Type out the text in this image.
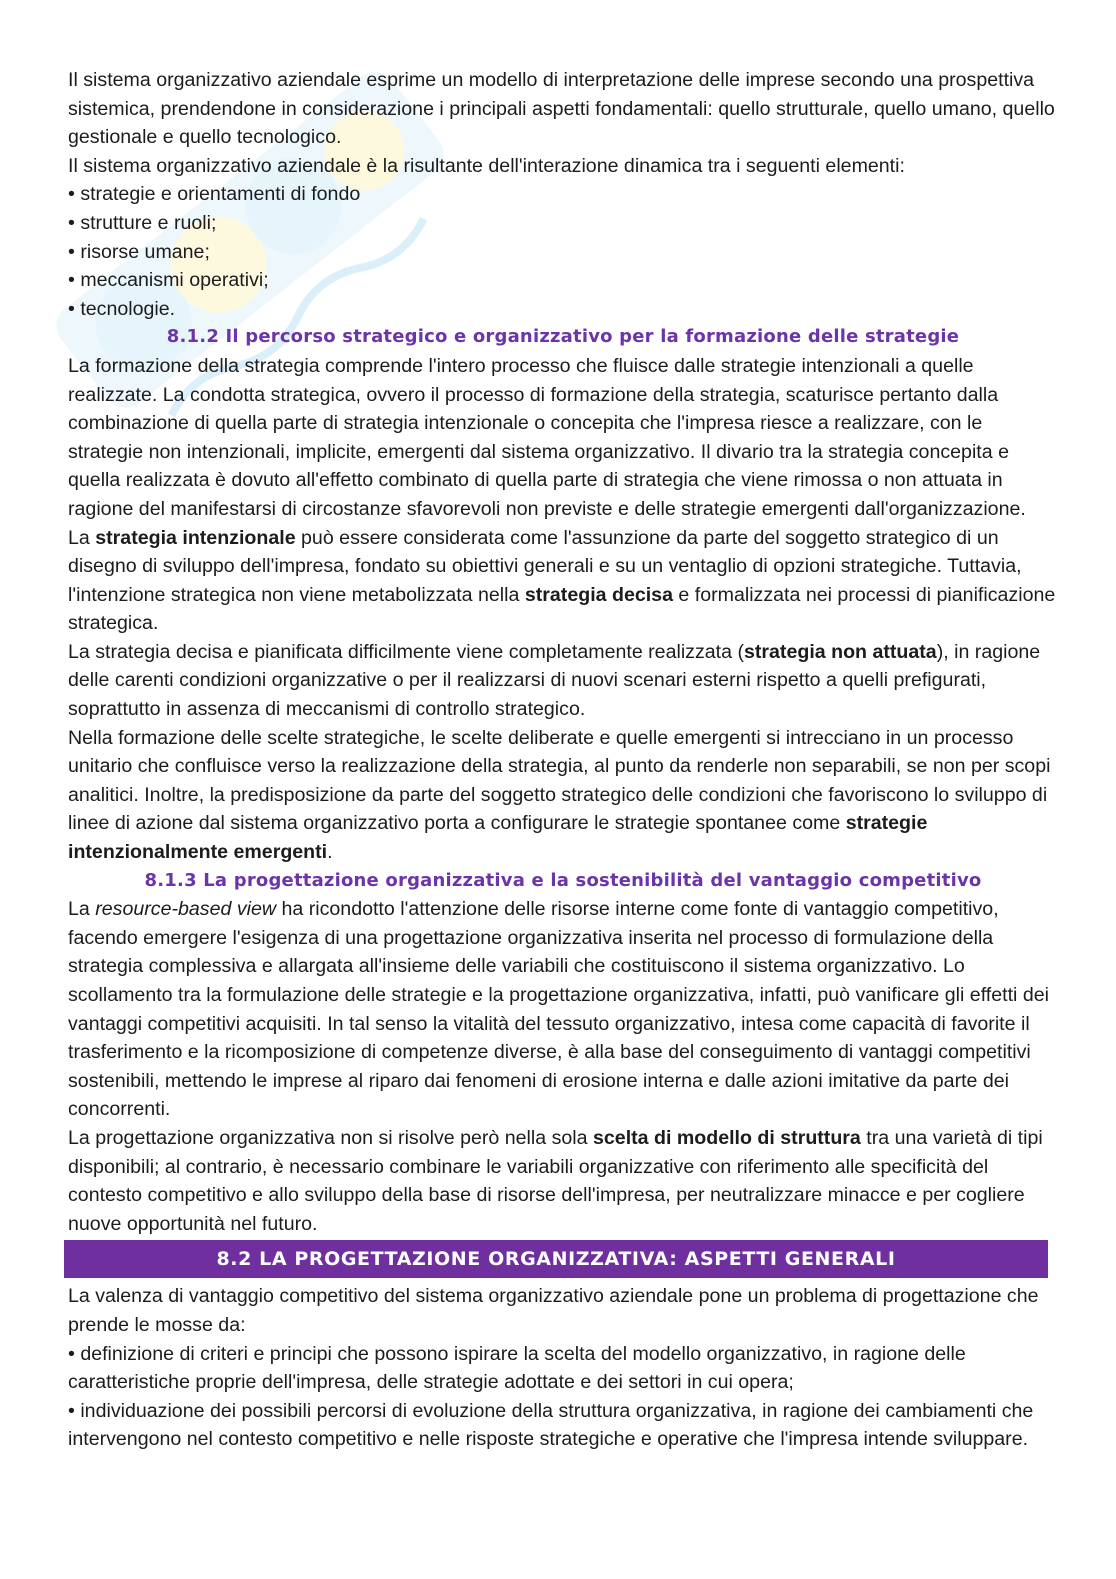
Il sistema organizzativo aziendale esprime un modello di interpretazione delle imprese secondo una prospettiva sistemica, prendendone in considerazione i principali aspetti fondamentali: quello strutturale, quello umano, quello gestionale e quello tecnologico.

Il sistema organizzativo aziendale è la risultante dell'interazione dinamica tra i seguenti elementi:

• strategie e orientamenti di fondo
• strutture e ruoli;
• risorse umane;
• meccanismi operativi;
• tecnologie.
8.1.2 Il percorso strategico e organizzativo per la formazione delle strategie

La formazione della strategia comprende l'intero processo che fluisce dalle strategie intenzionali a quelle realizzate. La condotta strategica, ovvero il processo di formazione della strategia, scaturisce pertanto dalla combinazione di quella parte di strategia intenzionale o concepita che l'impresa riesce a realizzare, con le strategie non intenzionali, implicite, emergenti dal sistema organizzativo. Il divario tra la strategia concepita e quella realizzata è dovuto all'effetto combinato di quella parte di strategia che viene rimossa o non attuata in ragione del manifestarsi di circostanze sfavorevoli non previste e delle strategie emergenti dall'organizzazione.

La strategia intenzionale può essere considerata come l'assunzione da parte del soggetto strategico di un disegno di sviluppo dell'impresa, fondato su obiettivi generali e su un ventaglio di opzioni strategiche. Tuttavia, l'intenzione strategica non viene metabolizzata nella strategia decisa e formalizzata nei processi di pianificazione strategica.

La strategia decisa e pianificata difficilmente viene completamente realizzata (strategia non attuata), in ragione delle carenti condizioni organizzative o per il realizzarsi di nuovi scenari esterni rispetto a quelli prefigurati, soprattutto in assenza di meccanismi di controllo strategico.

Nella formazione delle scelte strategiche, le scelte deliberate e quelle emergenti si intrecciano in un processo unitario che confluisce verso la realizzazione della strategia, al punto da renderle non separabili, se non per scopi analitici. Inoltre, la predisposizione da parte del soggetto strategico delle condizioni che favoriscono lo sviluppo di linee di azione dal sistema organizzativo porta a configurare le strategie spontanee come strategie intenzionalmente emergenti.

8.1.3 La progettazione organizzativa e la sostenibilità del vantaggio competitivo

La resource-based view ha ricondotto l'attenzione delle risorse interne come fonte di vantaggio competitivo, facendo emergere l'esigenza di una progettazione organizzativa inserita nel processo di formulazione della strategia complessiva e allargata all'insieme delle variabili che costituiscono il sistema organizzativo. Lo scollamento tra la formulazione delle strategie e la progettazione organizzativa, infatti, può vanificare gli effetti dei vantaggi competitivi acquisiti. In tal senso la vitalità del tessuto organizzativo, intesa come capacità di favorite il trasferimento e la ricomposizione di competenze diverse, è alla base del conseguimento di vantaggi competitivi sostenibili, mettendo le imprese al riparo dai fenomeni di erosione interna e dalle azioni imitative da parte dei concorrenti.

La progettazione organizzativa non si risolve però nella sola scelta di modello di struttura tra una varietà di tipi disponibili; al contrario, è necessario combinare le variabili organizzative con riferimento alle specificità del contesto competitivo e allo sviluppo della base di risorse dell'impresa, per neutralizzare minacce e per cogliere nuove opportunità nel futuro.

8.2 LA PROGETTAZIONE ORGANIZZATIVA: ASPETTI GENERALI

La valenza di vantaggio competitivo del sistema organizzativo aziendale pone un problema di progettazione che prende le mosse da:

• definizione di criteri e principi che possono ispirare la scelta del modello organizzativo, in ragione delle caratteristiche proprie dell'impresa, delle strategie adottate e dei settori in cui opera;
• individuazione dei possibili percorsi di evoluzione della struttura organizzativa, in ragione dei cambiamenti che intervengono nel contesto competitivo e nelle risposte strategiche e operative che l'impresa intende sviluppare.
